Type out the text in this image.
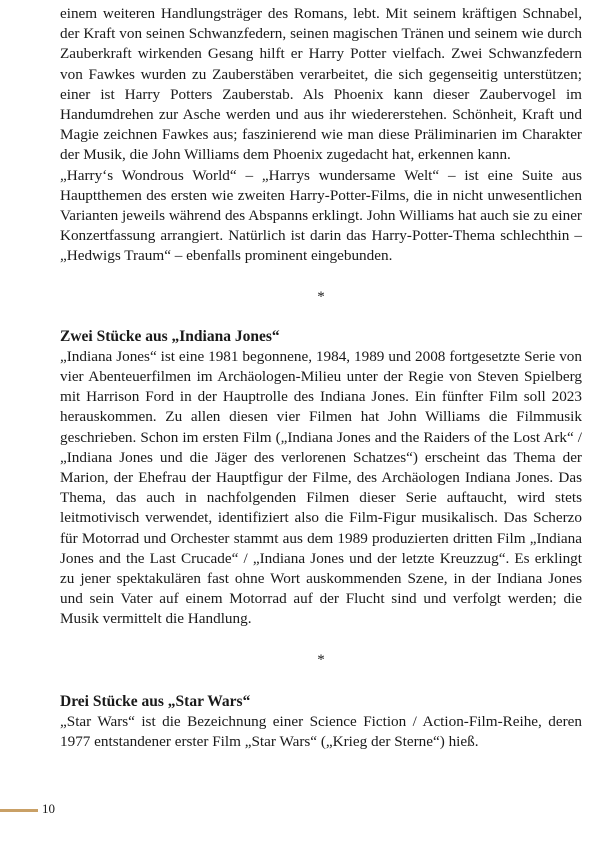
einem weiteren Handlungsträger des Romans, lebt. Mit seinem kräftigen Schnabel, der Kraft von seinen Schwanzfedern, seinen magischen Tränen und seinem wie durch Zauberkraft wirkenden Gesang hilft er Harry Potter vielfach. Zwei Schwanzfedern von Fawkes wurden zu Zauberstäben verarbeitet, die sich gegenseitig unterstützen; einer ist Harry Potters Zauberstab. Als Phoenix kann dieser Zaubervogel im Handumdrehen zur Asche werden und aus ihr wiedererstehen. Schönheit, Kraft und Magie zeichnen Fawkes aus; faszinierend wie man diese Präliminarien im Charakter der Musik, die John Williams dem Phoenix zugedacht hat, erkennen kann.

„Harry‘s Wondrous World“ – „Harrys wundersame Welt“ – ist eine Suite aus Hauptthemen des ersten wie zweiten Harry-Potter-Films, die in nicht unwesentlichen Varianten jeweils während des Abspanns erklingt. John Williams hat auch sie zu einer Konzertfassung arrangiert. Natürlich ist darin das Harry-Potter-Thema schlechthin – „Hedwigs Traum“ – ebenfalls prominent eingebunden.

*
Zwei Stücke aus „Indiana Jones“

„Indiana Jones“ ist eine 1981 begonnene, 1984, 1989 und 2008 fortgesetzte Serie von vier Abenteuerfilmen im Archäologen-Milieu unter der Regie von Steven Spielberg mit Harrison Ford in der Hauptrolle des Indiana Jones. Ein fünfter Film soll 2023 herauskommen. Zu allen diesen vier Filmen hat John Williams die Filmmusik geschrieben. Schon im ersten Film („Indiana Jones and the Raiders of the Lost Ark“ / „Indiana Jones und die Jäger des verlorenen Schatzes“) erscheint das Thema der Marion, der Ehefrau der Hauptfigur der Filme, des Archäologen Indiana Jones. Das Thema, das auch in nachfolgenden Filmen dieser Serie auftaucht, wird stets leitmotivisch verwendet, identifiziert also die Film-Figur musikalisch. Das Scherzo für Motorrad und Orchester stammt aus dem 1989 produzierten dritten Film „Indiana Jones and the Last Crucade“ / „Indiana Jones und der letzte Kreuzzug“. Es erklingt zu jener spektakulären fast ohne Wort auskommenden Szene, in der Indiana Jones und sein Vater auf einem Motorrad auf der Flucht sind und verfolgt werden; die Musik vermittelt die Handlung.

*
Drei Stücke aus „Star Wars“

„Star Wars“ ist die Bezeichnung einer Science Fiction / Action-Film-Reihe, deren 1977 entstandener erster Film „Star Wars“ („Krieg der Sterne“) hieß.

10
